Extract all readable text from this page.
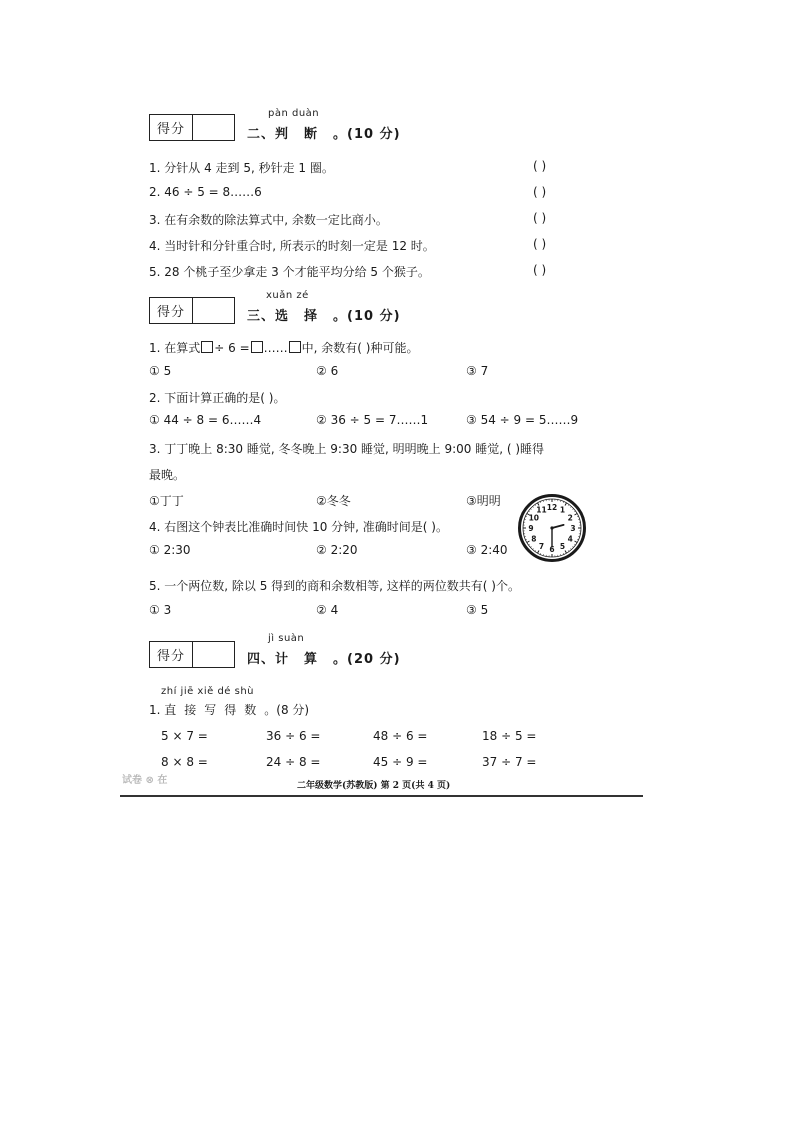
得分
pàn duàn
二、判断。(10 分)
1. 分针从 4 走到 5, 秒针走 1 圈。	( )
2. 46 ÷ 5 = 8……6	( )
3. 在有余数的除法算式中, 余数一定比商小。	( )
4. 当时针和分针重合时, 所表示的时刻一定是 12 时。	( )
5. 28 个桃子至少拿走 3 个才能平均分给 5 个猴子。	( )
得分
xuǎn zé
三、选择。(10 分)
1. 在算式 ÷ 6 = …… 中, 余数有( )种可能。
① 5	② 6	③ 7
2. 下面计算正确的是( )。
① 44 ÷ 8 = 6……4	② 36 ÷ 5 = 7……1	③ 54 ÷ 9 = 5……9
3. 丁丁晚上 8:30 睡觉, 冬冬晚上 9:30 睡觉, 明明晚上 9:00 睡觉, ( )睡得
最晚。
①丁丁	②冬冬	③明明
4. 右图这个钟表比准确时间快 10 分钟, 准确时间是( )。
① 2:30	② 2:20	③ 2:40
12 1
2
3
4
5
6
7
8
9
10
11
5. 一个两位数, 除以 5 得到的商和余数相等, 这样的两位数共有( )个。
① 3	② 4	③ 5
得分
jì suàn
四、计算。(20 分)
zhí jiē xiě dé shù
1. 直接写得数。(8 分)
5 × 7 =	36 ÷ 6 =	48 ÷ 6 =	18 ÷ 5 =
8 × 8 =	24 ÷ 8 =	45 ÷ 9 =	37 ÷ 7 =
试卷 ⊗ 在	二年级数学(苏教版) 第 2 页(共 4 页)
